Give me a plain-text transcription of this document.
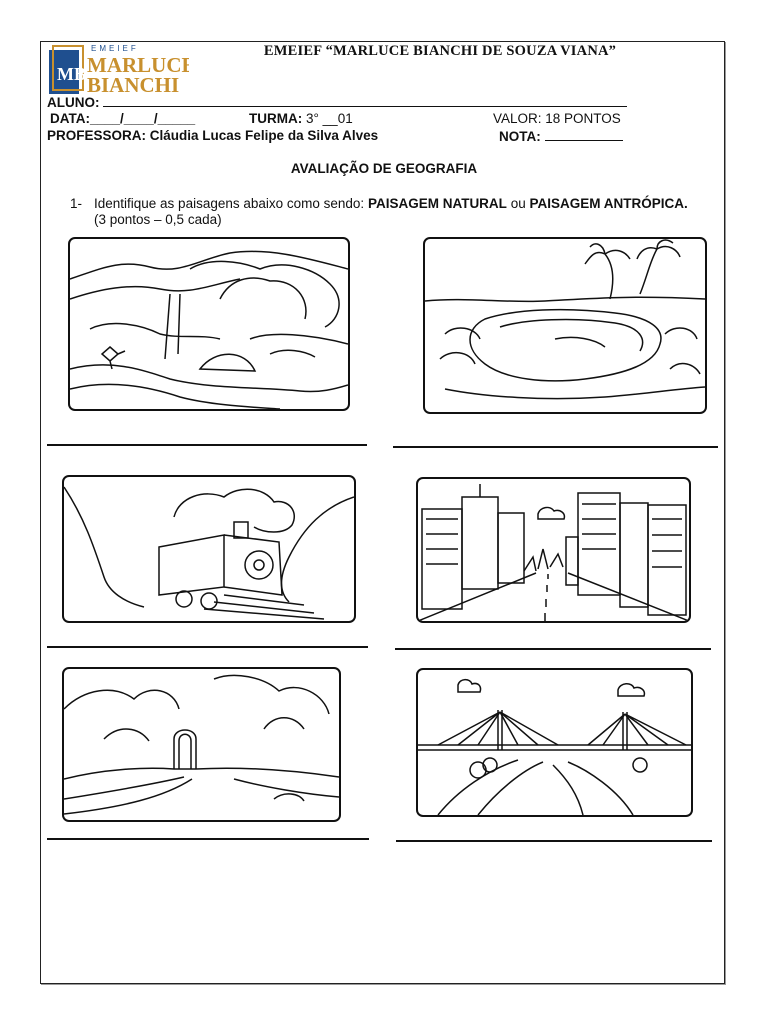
MB
EMEIEF
MARLUCE
BIANCHI
EMEIEF “MARLUCE BIANCHI DE SOUZA VIANA”
ALUNO:
DATA:____/____/_____	TURMA: 3° __01	VALOR: 18 PONTOS
PROFESSORA: Cláudia Lucas Felipe da Silva Alves	NOTA:
AVALIAÇÃO DE GEOGRAFIA
1- Identifique as paisagens abaixo como sendo: PAISAGEM NATURAL ou PAISAGEM ANTRÓPICA. (3 pontos – 0,5 cada)
